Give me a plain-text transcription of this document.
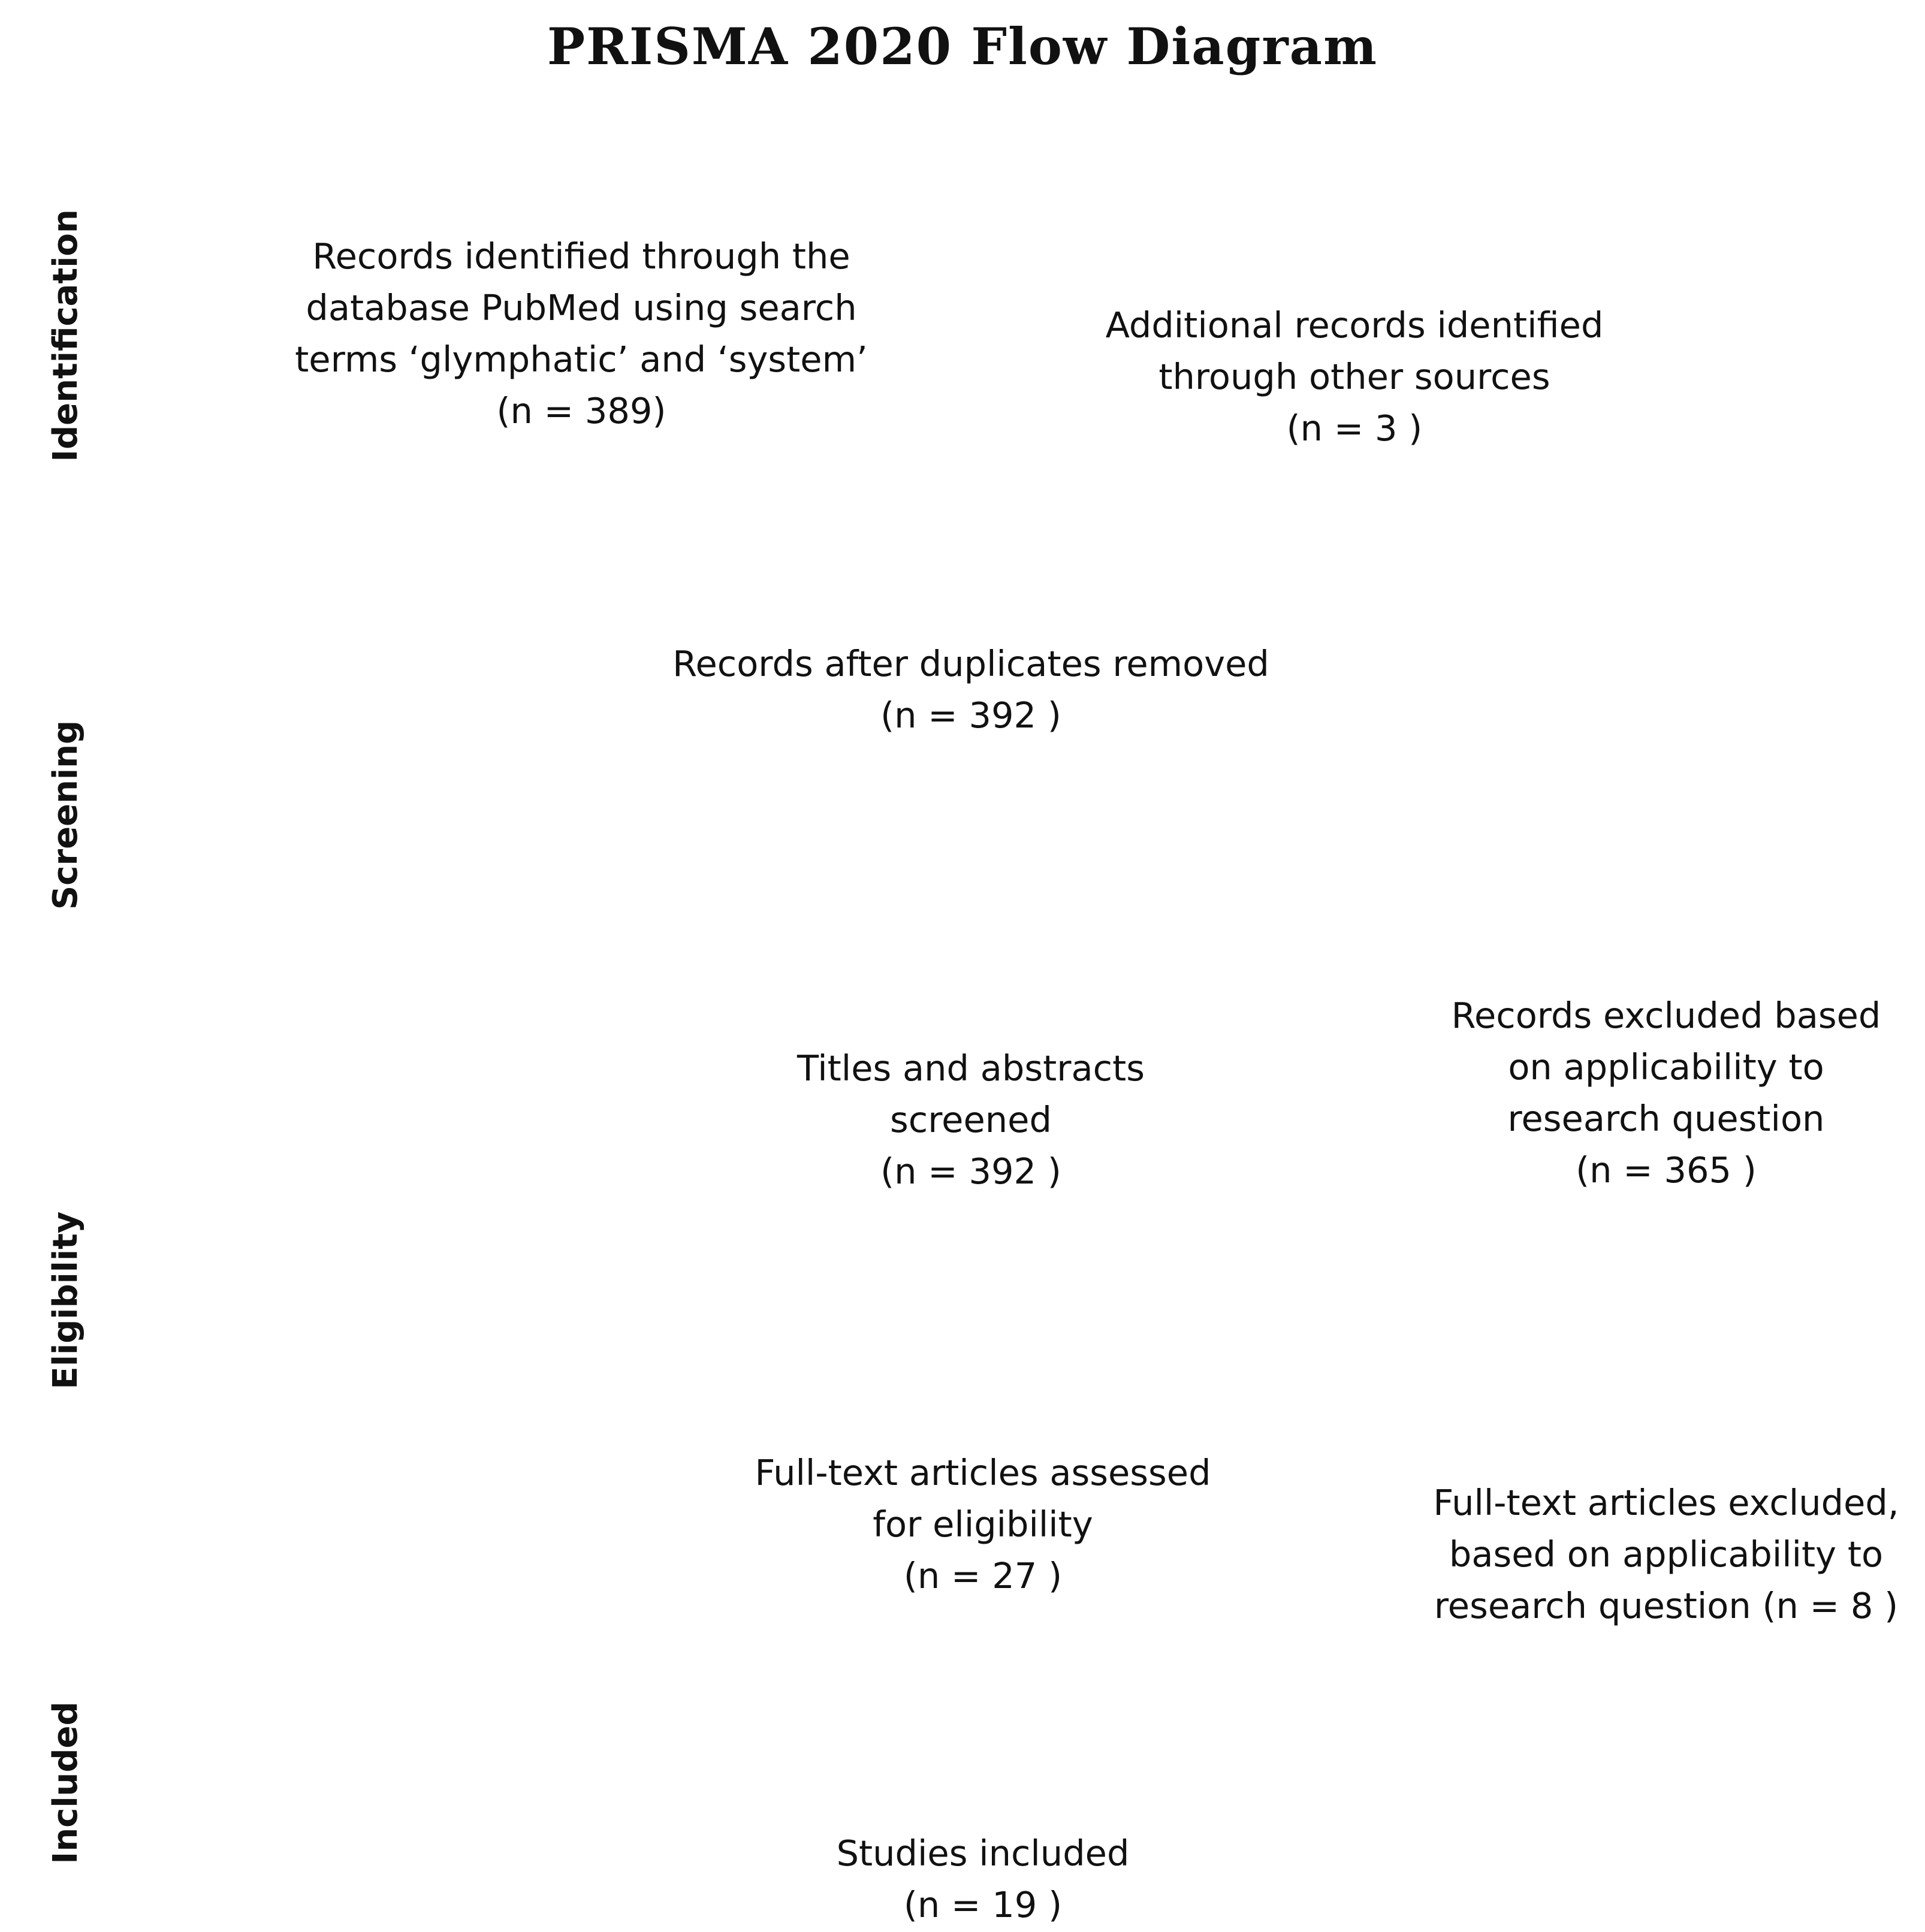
PRISMA 2020 Flow Diagram
Identification
Screening
Eligibility
Included
Records identified through the
database PubMed using search
terms ‘glymphatic’ and ‘system’
(n = 389)
Additional records identified
through other sources
(n = 3 )
Records after duplicates removed
(n = 392 )
Titles and abstracts
screened
(n = 392 )
Records excluded based
on applicability to
research question
(n = 365 )
Full-text articles assessed
for eligibility
(n = 27 )
Full-text articles excluded,
based on applicability to
research question (n = 8 )
Studies included
(n = 19 )
